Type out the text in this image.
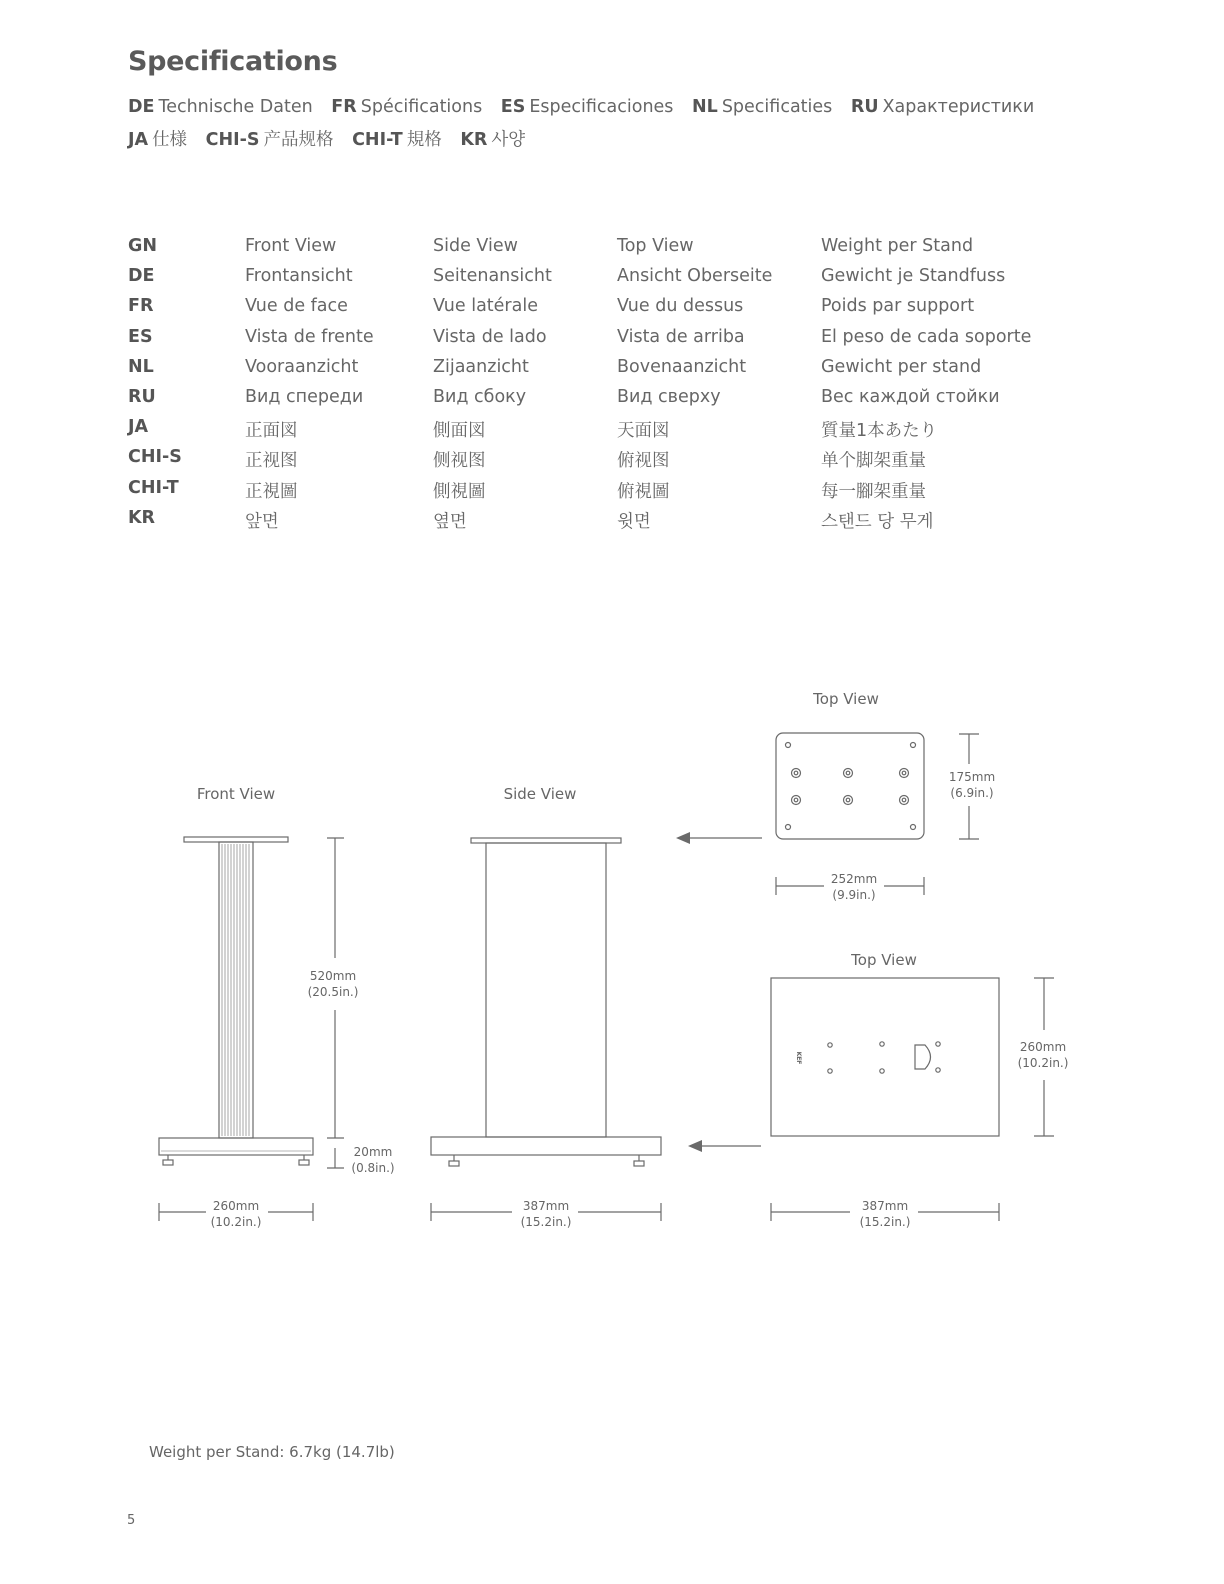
Specifications
DE Technische Daten FR Spécifications ES Especificaciones NL Specificaties RU Характеристики
JA 仕様 CHI-S 产品规格 CHI-T 規格 KR 사양
GN	Front View	Side View	Top View	Weight per Stand
DE	Frontansicht	Seitenansicht	Ansicht Oberseite	Gewicht je Standfuss
FR	Vue de face	Vue latérale	Vue du dessus	Poids par support
ES	Vista de frente	Vista de lado	Vista de arriba	El peso de cada soporte
NL	Vooraanzicht	Zijaanzicht	Bovenaanzicht	Gewicht per stand
RU	Вид спереди	Вид сбоку	Вид сверху	Вес каждой стойки
JA	正面図	側面図	天面図	質量1本あたり
CHI-S	正视图	侧视图	俯视图	单个脚架重量
CHI-T	正視圖	側視圖	俯視圖	每一腳架重量
KR	앞면	옆면	윗면	스탠드 당 무게
Front View	Side View
Top View
Top View
KEF
520mm
(20.5in.)
20mm
(0.8in.)
260mm
(10.2in.)
387mm
(15.2in.)
175mm
(6.9in.)
252mm
(9.9in.)
260mm
(10.2in.)
387mm
(15.2in.)
Weight per Stand: 6.7kg (14.7lb)
5
